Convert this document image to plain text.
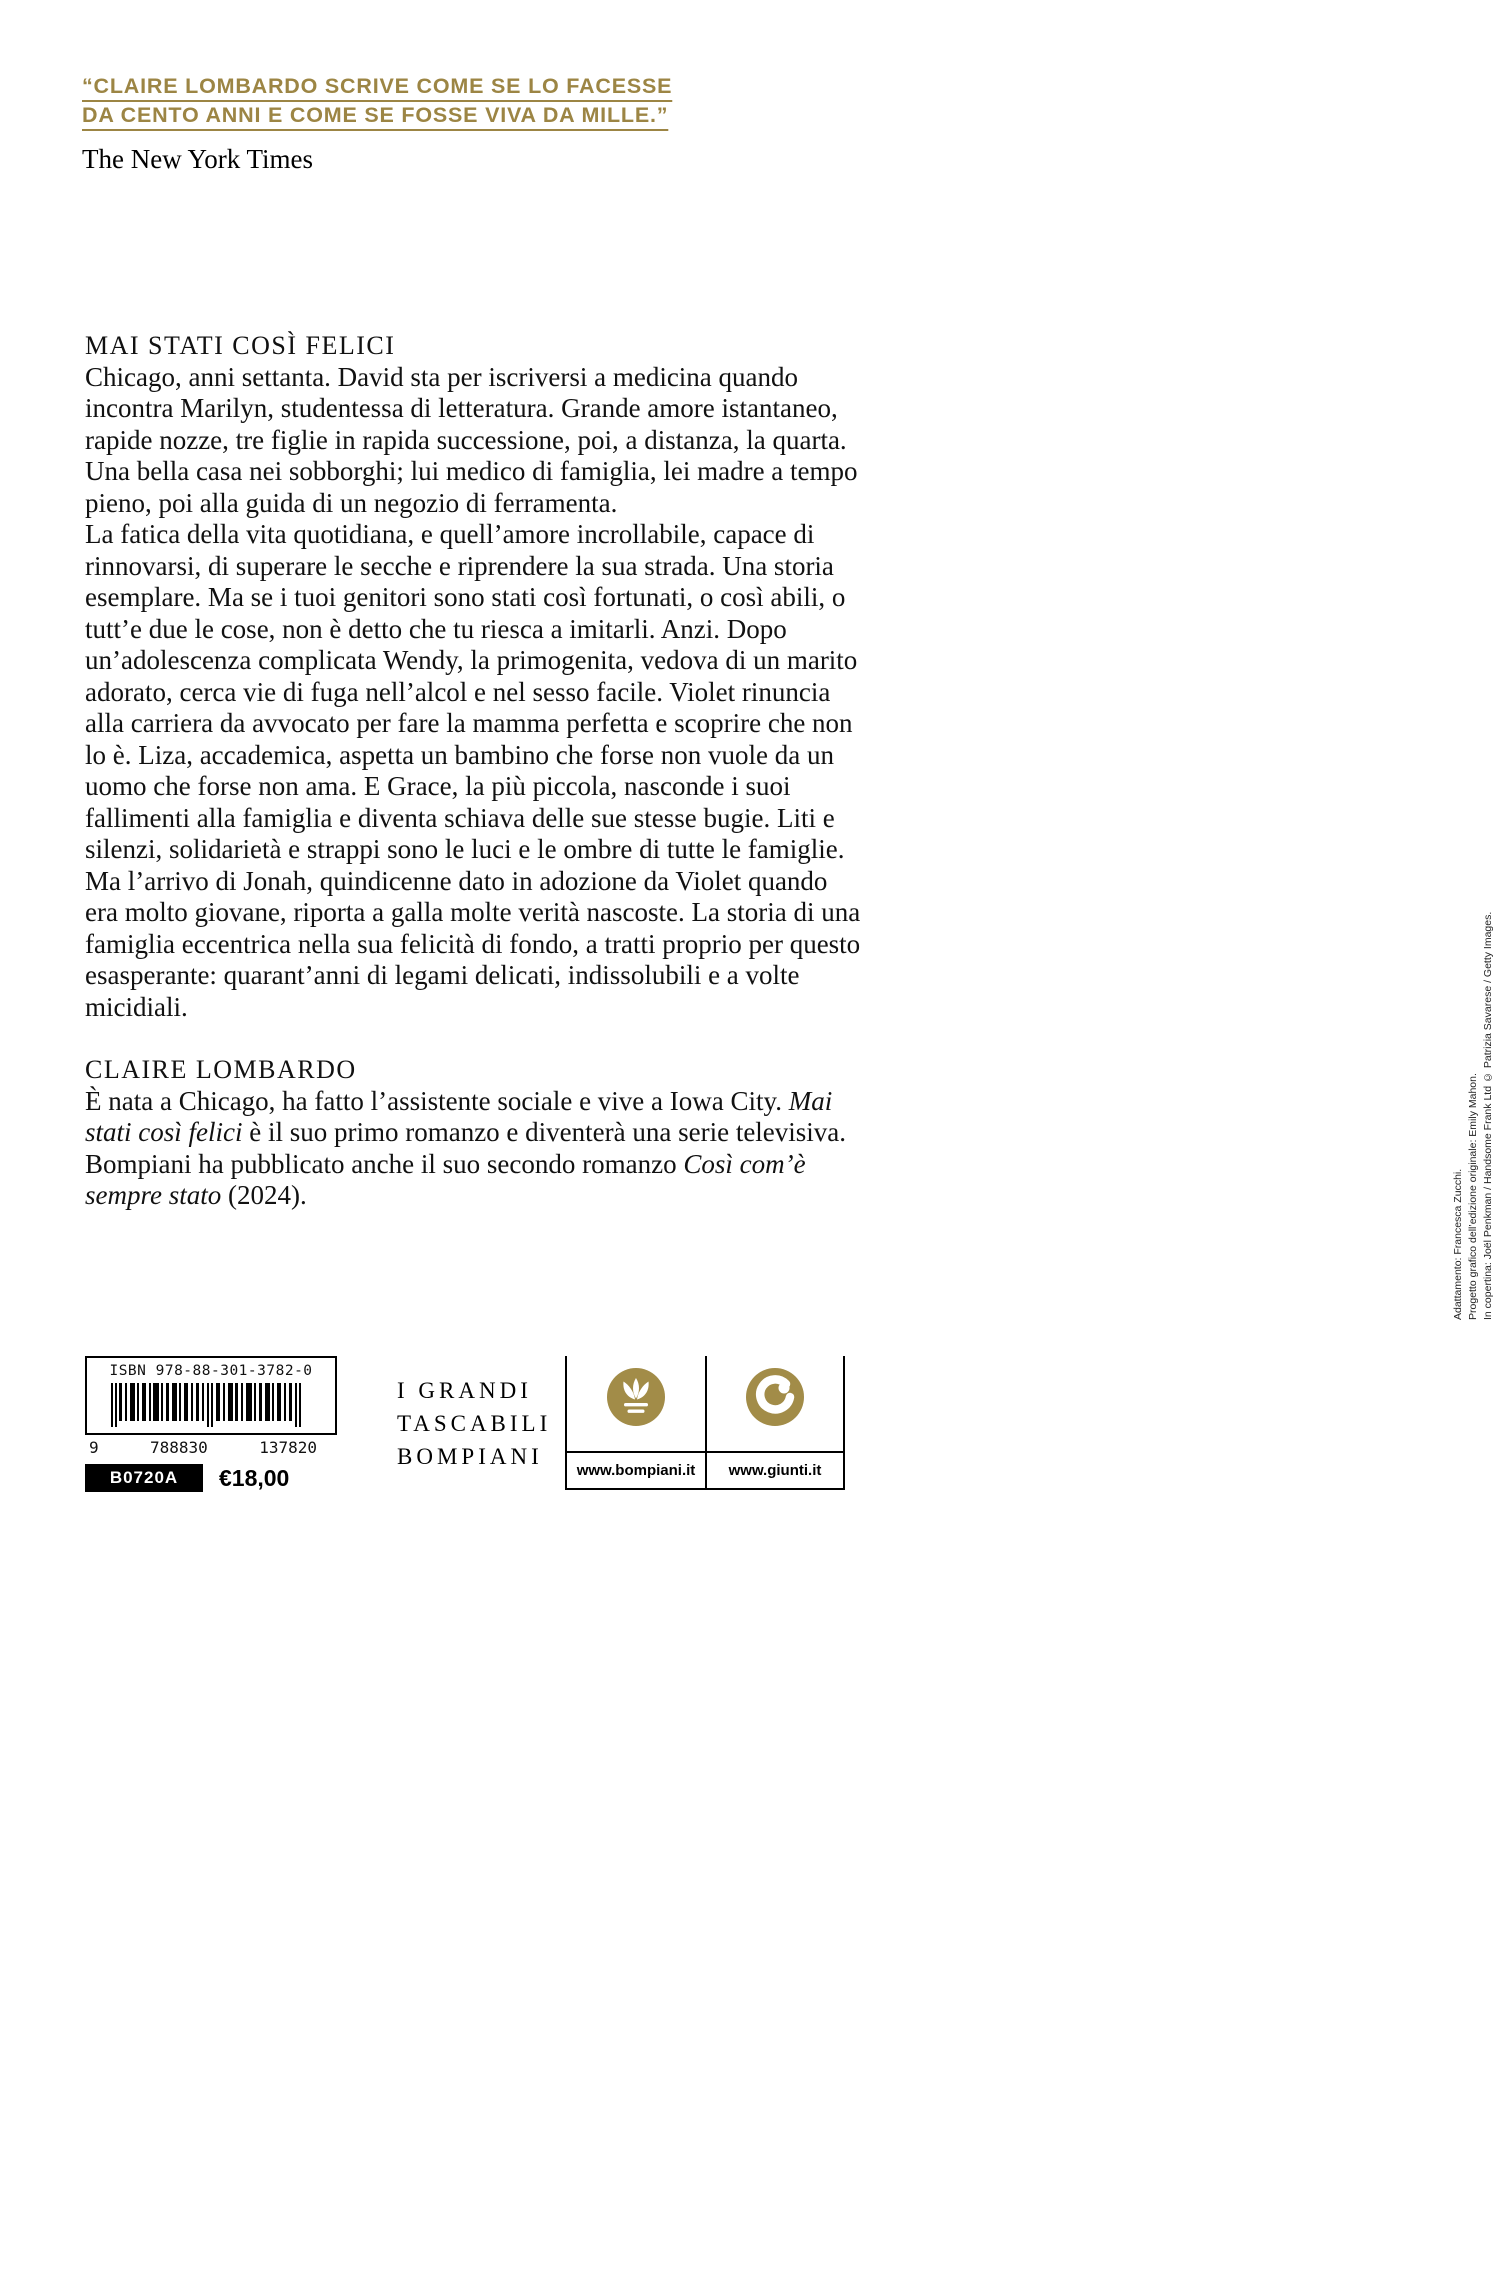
“CLAIRE LOMBARDO SCRIVE COME SE LO FACESSE
DA CENTO ANNI E COME SE FOSSE VIVA DA MILLE.”
The New York Times
MAI STATI COSÌ FELICI

Chicago, anni settanta. David sta per iscriversi a medicina quando incontra Marilyn, studentessa di letteratura. Grande amore istantaneo, rapide nozze, tre figlie in rapida successione, poi, a distanza, la quarta. Una bella casa nei sobborghi; lui medico di famiglia, lei madre a tempo pieno, poi alla guida di un negozio di ferramenta.

La fatica della vita quotidiana, e quell’amore incrollabile, capace di rinnovarsi, di superare le secche e riprendere la sua strada. Una storia esemplare. Ma se i tuoi genitori sono stati così fortunati, o così abili, o tutt’e due le cose, non è detto che tu riesca a imitarli. Anzi. Dopo un’adolescenza complicata Wendy, la primogenita, vedova di un marito adorato, cerca vie di fuga nell’alcol e nel sesso facile. Violet rinuncia alla carriera da avvocato per fare la mamma perfetta e scoprire che non lo è. Liza, accademica, aspetta un bambino che forse non vuole da un uomo che forse non ama. E Grace, la più piccola, nasconde i suoi fallimenti alla famiglia e diventa schiava delle sue stesse bugie. Liti e silenzi, solidarietà e strappi sono le luci e le ombre di tutte le famiglie. Ma l’arrivo di Jonah, quindicenne dato in adozione da Violet quando era molto giovane, riporta a galla molte verità nascoste. La storia di una famiglia eccentrica nella sua felicità di fondo, a tratti proprio per questo esasperante: quarant’anni di legami delicati, indissolubili e a volte micidiali.

CLAIRE LOMBARDO

È nata a Chicago, ha fatto l’assistente sociale e vive a Iowa City. Mai stati così felici è il suo primo romanzo e diventerà una serie televisiva. Bompiani ha pubblicato anche il suo secondo romanzo Così com’è sempre stato (2024).

ISBN 978-88-301-3782-0
9	788830	137820
B0720A	€18,00
I GRANDI
TASCABILI
BOMPIANI
www.bompiani.it	www.giunti.it
In copertina: Joël Penkman / Handsome Frank Ltd © Patrizia Savarese / Getty Images.
Progetto grafico dell’edizione originale: Emily Mahon.
Adattamento: Francesca Zucchi.
